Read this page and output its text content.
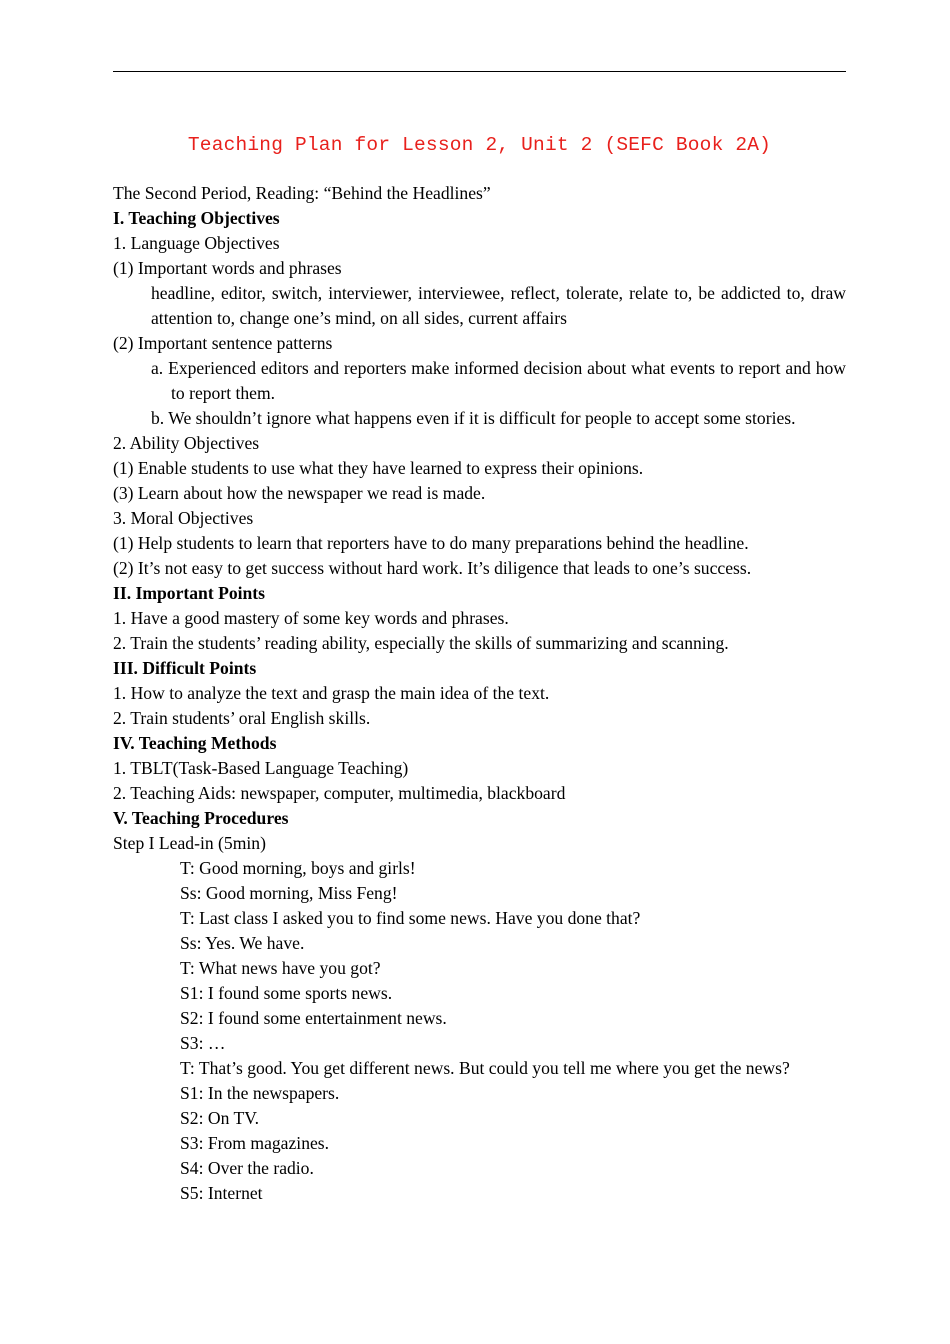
Teaching Plan for Lesson 2, Unit 2 (SEFC Book 2A)

The Second Period, Reading: “Behind the Headlines”

I. Teaching Objectives

1. Language Objectives

(1) Important words and phrases

headline, editor, switch, interviewer, interviewee, reflect, tolerate, relate to, be addicted to, draw attention to, change one’s mind, on all sides, current affairs

(2) Important sentence patterns

a. Experienced editors and reporters make informed decision about what events to report and how to report them.

b. We shouldn’t ignore what happens even if it is difficult for people to accept some stories.

2. Ability Objectives

(1) Enable students to use what they have learned to express their opinions.

(3) Learn about how the newspaper we read is made.

3. Moral Objectives

(1) Help students to learn that reporters have to do many preparations behind the headline.

(2) It’s not easy to get success without hard work. It’s diligence that leads to one’s success.

II. Important Points

1. Have a good mastery of some key words and phrases.

2. Train the students’ reading ability, especially the skills of summarizing and scanning.

III. Difficult Points

1. How to analyze the text and grasp the main idea of the text.

2. Train students’ oral English skills.

IV. Teaching Methods

1. TBLT(Task-Based Language Teaching)

2. Teaching Aids: newspaper, computer, multimedia, blackboard

V. Teaching Procedures

Step I Lead-in (5min)

T: Good morning, boys and girls!

Ss: Good morning, Miss Feng!

T: Last class I asked you to find some news. Have you done that?

Ss: Yes. We have.

T: What news have you got?

S1: I found some sports news.

S2: I found some entertainment news.

S3: …

T: That’s good. You get different news. But could you tell me where you get the news?

S1: In the newspapers.

S2: On TV.

S3: From magazines.

S4: Over the radio.

S5: Internet
